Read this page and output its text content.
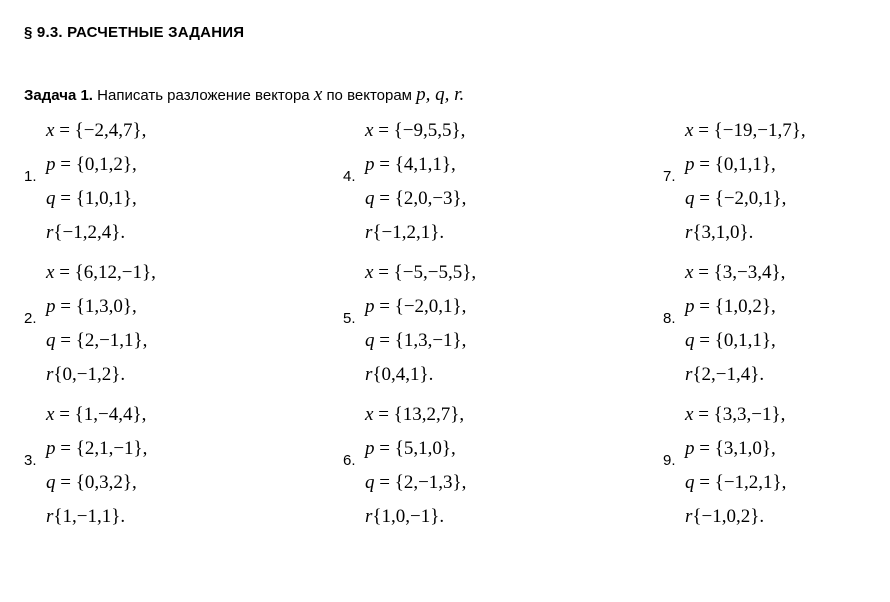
§ 9.3. РАСЧЕТНЫЕ ЗАДАНИЯ
Задача 1. Написать разложение вектора x по векторам p, q, r.
1.
x = {−2,4,7},
p = {0,1,2},
q = {1,0,1},
r{−1,2,4}.
2.
x = {6,12,−1},
p = {1,3,0},
q = {2,−1,1},
r{0,−1,2}.
3.
x = {1,−4,4},
p = {2,1,−1},
q = {0,3,2},
r{1,−1,1}.
4.
x = {−9,5,5},
p = {4,1,1},
q = {2,0,−3},
r{−1,2,1}.
5.
x = {−5,−5,5},
p = {−2,0,1},
q = {1,3,−1},
r{0,4,1}.
6.
x = {13,2,7},
p = {5,1,0},
q = {2,−1,3},
r{1,0,−1}.
7.
x = {−19,−1,7},
p = {0,1,1},
q = {−2,0,1},
r{3,1,0}.
8.
x = {3,−3,4},
p = {1,0,2},
q = {0,1,1},
r{2,−1,4}.
9.
x = {3,3,−1},
p = {3,1,0},
q = {−1,2,1},
r{−1,0,2}.
